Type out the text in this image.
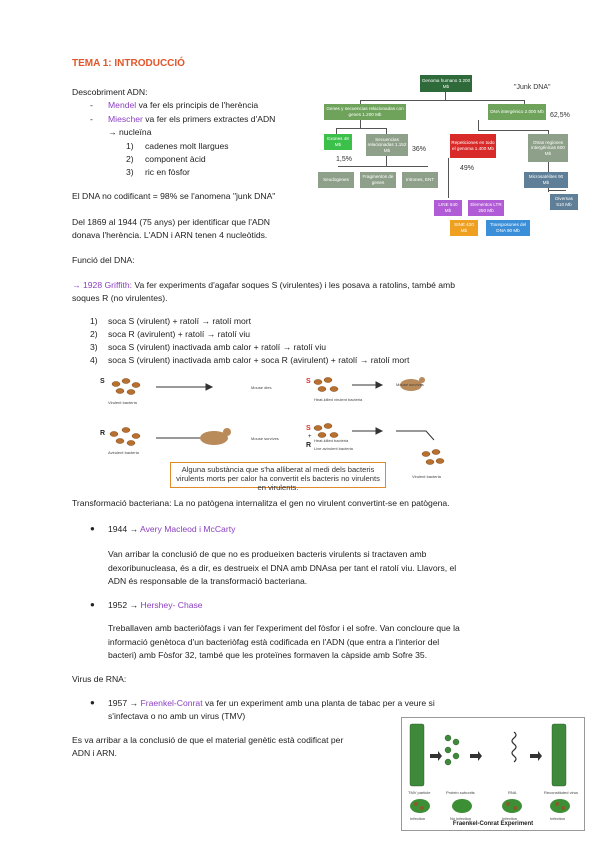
TEMA 1: INTRODUCCIÓ
Descobriment ADN:
- Mendel va fer els principis de l'herència
- Miescher va fer els primers extractes d'ADN
→ nucleïna
1) cadenes molt llargues
2) component àcid
3) ric en fòsfor
El DNA no codificant = 98% se l'anomena "junk DNA"
Del 1869 al 1944 (75 anys) per identificar que l'ADN
donava l'herència. L'ADN i ARN tenen 4 nucleòtids.
Funció del DNA:
Genoma humano 3.200 Mb	"Junk DNA"
Genes y secuencias relacionadas con genes 1.200 Mb
DNA intergénico 2.000 Mb
62,5%
Exones 48 Mb
Secuencias relacionadas 1.152 Mb
1,5%
36%
Seudogenes
Fragmentos de genes
Intrones, ENT
Repeticiones en todo el genoma 1.400 Mb
Otras regiones intergénicas 600 Mb
49%
Microsatélites 90 Mb
Diversas 510 Mb
LINE 640 Mb
Elementos LTR 250 Mb
SINE 420 Mb
Transposones del DNA 90 Mb
→ 1928 Griffith: Va fer experiments d'agafar soques S (virulentes) i les posava a ratolins, també amb
soques R (no virulentes).
1) soca S (virulent) + ratolí → ratolí mort
2) soca R (avirulent) + ratolí → ratolí viu
3) soca S (virulent) inactivada amb calor + ratolí → ratolí viu
4) soca S (virulent) inactivada amb calor + soca R (avirulent) + ratolí → ratolí mort
S
R
Virulent bacteria
Avirulent bacteria
Mouse dies
Mouse survives
S
Heat-killed virulent bacteria
Mouse survives
S
Heat-killed bacteria
+
R Live avirulent bacteria
Virulent bacteria
Alguna substància que s'ha alliberat al medi dels bacteris virulents morts per calor ha convertit els bacteris no virulents en virulents.
Transformació bacteriana: La no patògena internalitza el gen no virulent convertint-se en patògena.
● 1944 → Avery Macleod i McCarty
Van arribar la conclusió de que no es produeixen bacteris virulents si tractaven amb
dexoribunucleasa, és a dir, es destrueix el DNA amb DNAsa per tant el ratolí viu. Llavors, el
ADN és responsable de la transformació bacteriana.
● 1952 → Hershey- Chase
Treballaven amb bacteriòfags i van fer l'experiment del fòsfor i el sofre. Van concloure que la
informació genètoca d'un bacteriòfag està codificada en l'ADN (que entra a l'interior del
bacteri) amb Fòsfor 32, també que les proteïnes formaven la càpside amb Sofre 35.
Virus de RNA:
● 1957 → Fraenkel-Conrat va fer un experiment amb una planta de tabac per a veure si
s'infectava o no amb un virus (TMV)
Es va arribar a la conclusió de que el material genètic està codificat per
ADN i ARN.
TMV particle	Protein subunits	RNA	Reconstituted virus
Infection	No infection	Infection	Infection
Fraenkel-Conrat Experiment
